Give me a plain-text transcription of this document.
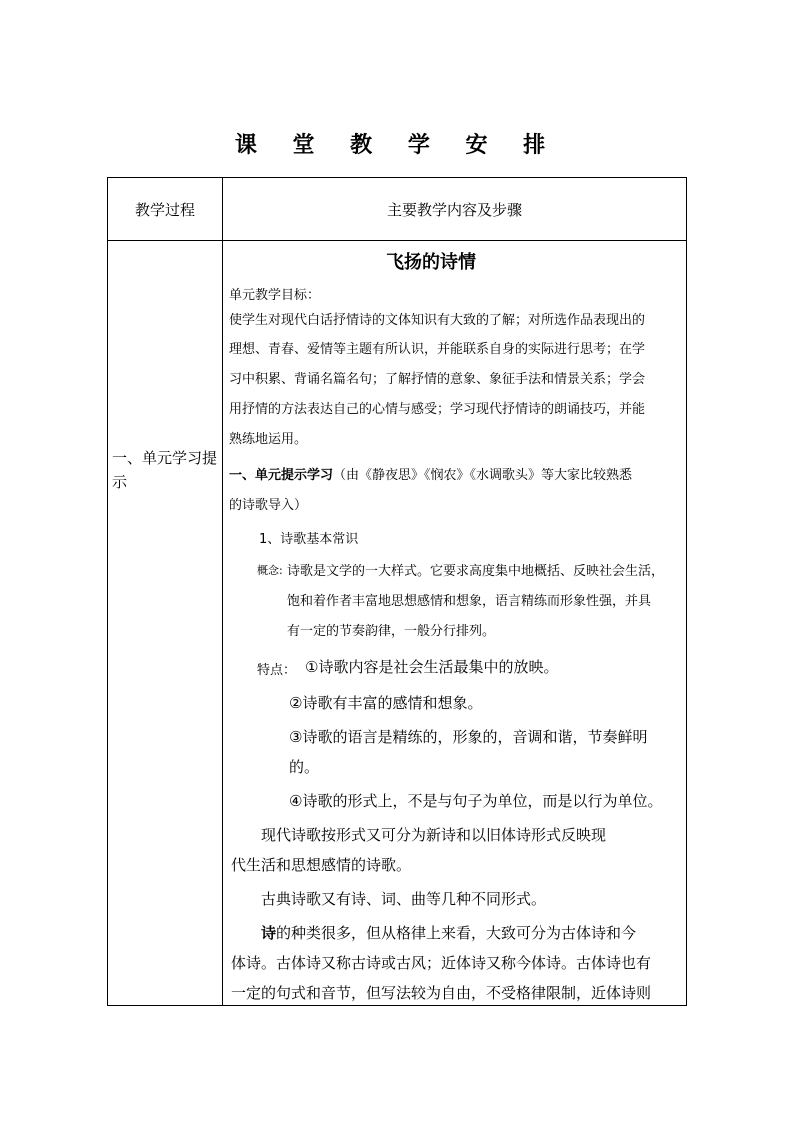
课 堂 教 学 安 排
教学过程	主要教学内容及步骤
一、单元学习提示
飞扬的诗情
单元教学目标：
使学生对现代白话抒情诗的文体知识有大致的了解；对所选作品表现出的
理想、青春、爱情等主题有所认识，并能联系自身的实际进行思考；在学
习中积累、背诵名篇名句；了解抒情的意象、象征手法和情景关系；学会
用抒情的方法表达自己的心情与感受；学习现代抒情诗的朗诵技巧，并能
熟练地运用。
一、单元提示学习（由《静夜思》《悯农》《水调歌头》等大家比较熟悉
的诗歌导入）
1、诗歌基本常识
概念: 诗歌是文学的一大样式。它要求高度集中地概括、反映社会生活，
饱和着作者丰富地思想感情和想象，语言精练而形象性强，并具
有一定的节奏韵律，一般分行排列。
特点： ①诗歌内容是社会生活最集中的放映。
②诗歌有丰富的感情和想象。
③诗歌的语言是精练的，形象的，音调和谐，节奏鲜明
的。
④诗歌的形式上，不是与句子为单位，而是以行为单位。
现代诗歌按形式又可分为新诗和以旧体诗形式反映现
代生活和思想感情的诗歌。
古典诗歌又有诗、词、曲等几种不同形式。
诗的种类很多，但从格律上来看，大致可分为古体诗和今
体诗。古体诗又称古诗或古风；近体诗又称今体诗。古体诗也有
一定的句式和音节，但写法较为自由，不受格律限制，近体诗则
